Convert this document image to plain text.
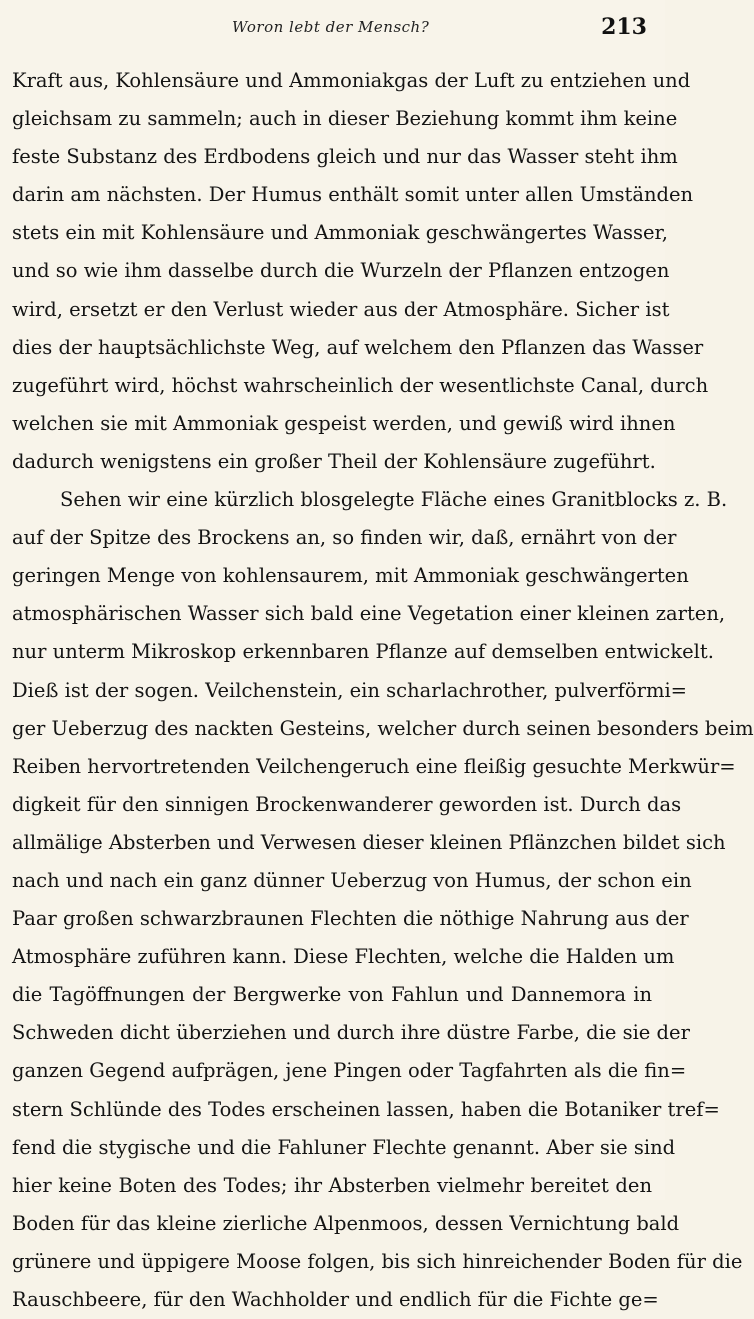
Woron lebt der Mensch?	213
Kraft aus, Kohlensäure und Ammoniakgas der Luft zu entziehen und
gleichsam zu sammeln; auch in dieser Beziehung kommt ihm keine
feste Substanz des Erdbodens gleich und nur das Wasser steht ihm
darin am nächsten. Der Humus enthält somit unter allen Umständen
stets ein mit Kohlensäure und Ammoniak geschwängertes Wasser,
und so wie ihm dasselbe durch die Wurzeln der Pflanzen entzogen
wird, ersetzt er den Verlust wieder aus der Atmosphäre. Sicher ist
dies der hauptsächlichste Weg, auf welchem den Pflanzen das Wasser
zugeführt wird, höchst wahrscheinlich der wesentlichste Canal, durch
welchen sie mit Ammoniak gespeist werden, und gewiß wird ihnen
dadurch wenigstens ein großer Theil der Kohlensäure zugeführt.
Sehen wir eine kürzlich blosgelegte Fläche eines Granitblocks z. B.
auf der Spitze des Brockens an, so finden wir, daß, ernährt von der
geringen Menge von kohlensaurem, mit Ammoniak geschwängerten
atmosphärischen Wasser sich bald eine Vegetation einer kleinen zarten,
nur unterm Mikroskop erkennbaren Pflanze auf demselben entwickelt.
Dieß ist der sogen. Veilchenstein, ein scharlachrother, pulverförmi=
ger Ueberzug des nackten Gesteins, welcher durch seinen besonders beim
Reiben hervortretenden Veilchengeruch eine fleißig gesuchte Merkwür=
digkeit für den sinnigen Brockenwanderer geworden ist. Durch das
allmälige Absterben und Verwesen dieser kleinen Pflänzchen bildet sich
nach und nach ein ganz dünner Ueberzug von Humus, der schon ein
Paar großen schwarzbraunen Flechten die nöthige Nahrung aus der
Atmosphäre zuführen kann. Diese Flechten, welche die Halden um
die Tagöffnungen der Bergwerke von Fahlun und Dannemora in
Schweden dicht überziehen und durch ihre düstre Farbe, die sie der
ganzen Gegend aufprägen, jene Pingen oder Tagfahrten als die fin=
stern Schlünde des Todes erscheinen lassen, haben die Botaniker tref=
fend die stygische und die Fahluner Flechte genannt. Aber sie sind
hier keine Boten des Todes; ihr Absterben vielmehr bereitet den
Boden für das kleine zierliche Alpenmoos, dessen Vernichtung bald
grünere und üppigere Moose folgen, bis sich hinreichender Boden für die
Rauschbeere, für den Wachholder und endlich für die Fichte ge=
